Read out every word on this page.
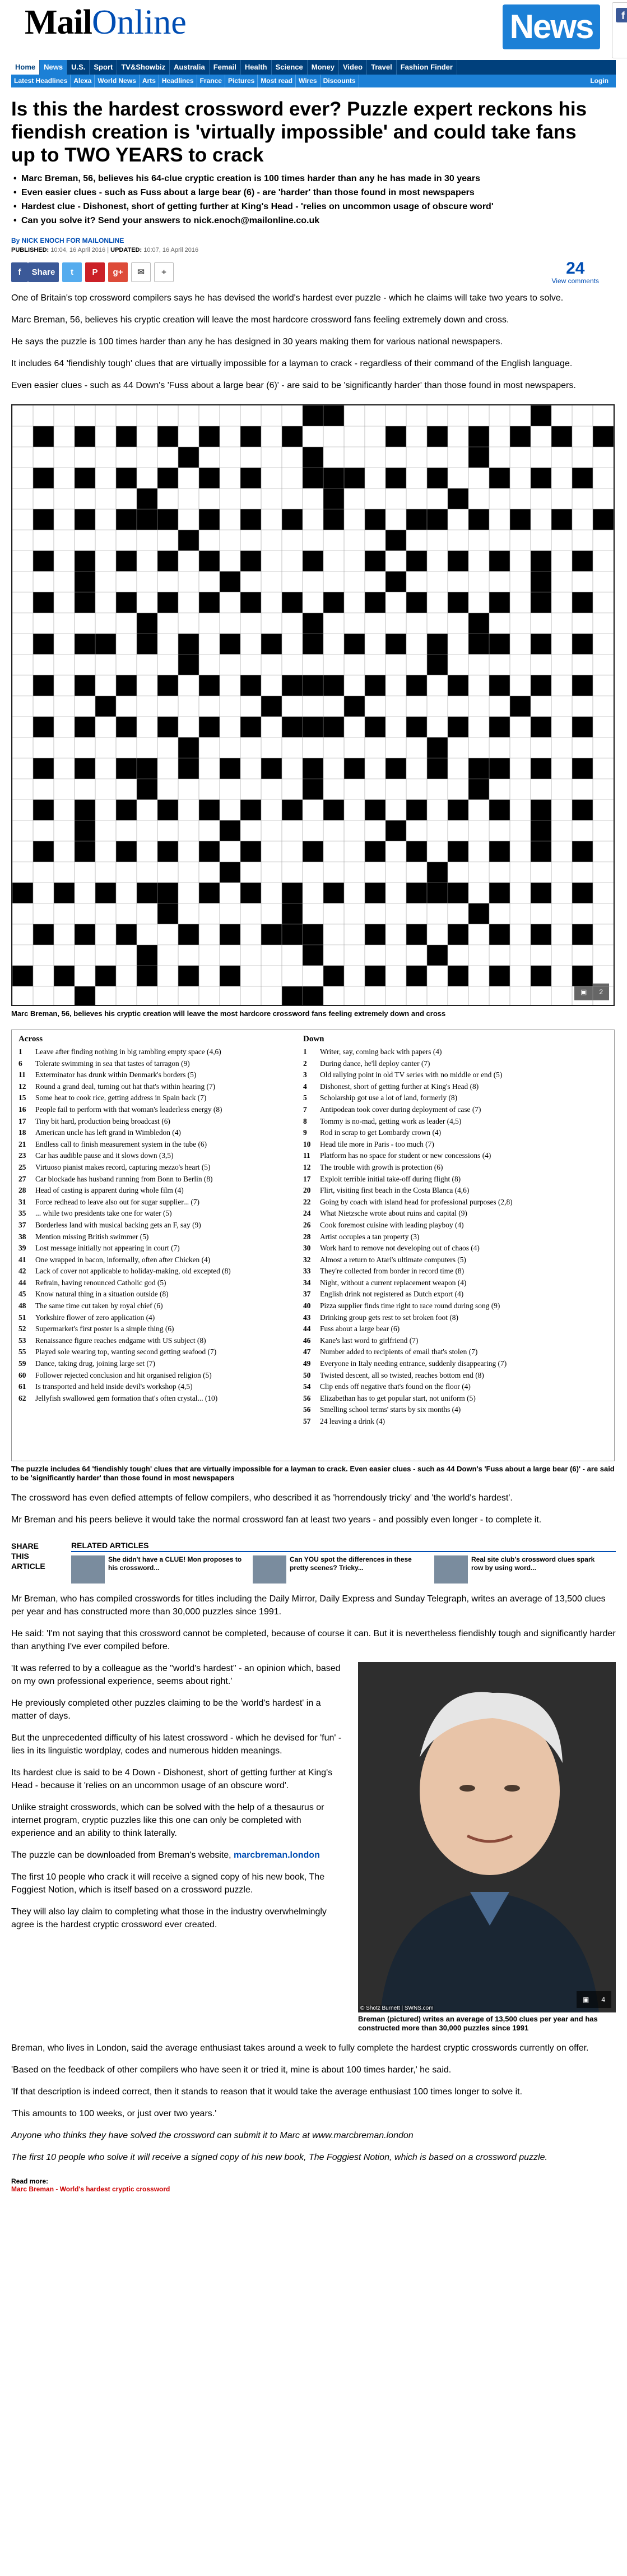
MailOnline	News	f
Home	News	U.S.	Sport	TV&Showbiz	Australia	Femail	Health	Science	Money	Video	Travel	Fashion Finder
Latest Headlines Alexa World News Arts Headlines France Pictures Most read Wires Discounts	Login
Is this the hardest crossword ever? Puzzle expert reckons his fiendish creation is 'virtually impossible' and could take fans up to TWO YEARS to crack
• Marc Breman, 56, believes his 64-clue cryptic creation is 100 times harder than any he has made in 30 years
• Even easier clues - such as Fuss about a large bear (6) - are 'harder' than those found in most newspapers
• Hardest clue - Dishonest, short of getting further at King's Head - 'relies on uncommon usage of obscure word'
• Can you solve it? Send your answers to nick.enoch@mailonline.co.uk
By NICK ENOCH FOR MAILONLINE
PUBLISHED: 10:04, 16 April 2016 | UPDATED: 10:07, 16 April 2016
f	Share	t	P	g+	✉	+	24
View comments

One of Britain's top crossword compilers says he has devised the world's hardest ever puzzle - which he claims will take two years to solve.

Marc Breman, 56, believes his cryptic creation will leave the most hardcore crossword fans feeling extremely down and cross.

He says the puzzle is 100 times harder than any he has designed in 30 years making them for various national newspapers.

It includes 64 'fiendishly tough' clues that are virtually impossible for a layman to crack - regardless of their command of the English language.

Even easier clues - such as 44 Down's 'Fuss about a large bear (6)' - are said to be 'significantly harder' than those found in most newspapers.

▣ 2
Marc Breman, 56, believes his cryptic creation will leave the most hardcore crossword fans feeling extremely down and cross
Across
1	Leave after finding nothing in big rambling empty space (4,6)
6	Tolerate swimming in sea that tastes of tarragon (9)
11	Exterminator has drunk within Denmark's borders (5)
12	Round a grand deal, turning out hat that's within hearing (7)
15	Some heat to cook rice, getting address in Spain back (7)
16	People fail to perform with that woman's leaderless energy (8)
17	Tiny bit hard, production being broadcast (6)
18	American uncle has left grand in Wimbledon (4)
21	Endless call to finish measurement system in the tube (6)
23	Car has audible pause and it slows down (3,5)
25	Virtuoso pianist makes record, capturing mezzo's heart (5)
27	Car blockade has husband running from Bonn to Berlin (8)
28	Head of casting is apparent during whole film (4)
31	Force redhead to leave also out for sugar supplier... (7)
35	... while two presidents take one for water (5)
37	Borderless land with musical backing gets an F, say (9)
38	Mention missing British swimmer (5)
39	Lost message initially not appearing in court (7)
41	One wrapped in bacon, informally, often after Chicken (4)
42	Lack of cover not applicable to holiday-making, old excepted (8)
44	Refrain, having renounced Catholic god (5)
45	Know natural thing in a situation outside (8)
48	The same time cut taken by royal chief (6)
51	Yorkshire flower of zero application (4)
52	Supermarket's first poster is a simple thing (6)
53	Renaissance figure reaches endgame with US subject (8)
55	Played sole wearing top, wanting second getting seafood (7)
59	Dance, taking drug, joining large set (7)
60	Follower rejected conclusion and hit organised religion (5)
61	Is transported and held inside devil's workshop (4,5)
62	Jellyfish swallowed gem formation that's often crystal... (10)
Down
1	Writer, say, coming back with papers (4)
2	During dance, he'll deploy canter (7)
3	Old rallying point in old TV series with no middle or end (5)
4	Dishonest, short of getting further at King's Head (8)
5	Scholarship got use a lot of land, formerly (8)
7	Antipodean took cover during deployment of case (7)
8	Tommy is no-mad, getting work as leader (4,5)
9	Rod in scrap to get Lombardy crown (4)
10	Head tile more in Paris - too much (7)
11	Platform has no space for student or new concessions (4)
12	The trouble with growth is protection (6)
17	Exploit terrible initial take-off during flight (8)
20	Flirt, visiting first beach in the Costa Blanca (4,6)
22	Going by coach with island head for professional purposes (2,8)
24	What Nietzsche wrote about ruins and capital (9)
26	Cook foremost cuisine with leading playboy (4)
28	Artist occupies a tan property (3)
30	Work hard to remove not developing out of chaos (4)
32	Almost a return to Atari's ultimate computers (5)
33	They're collected from border in record time (8)
34	Night, without a current replacement weapon (4)
37	English drink not registered as Dutch export (4)
40	Pizza supplier finds time right to race round during song (9)
43	Drinking group gets rest to set broken foot (8)
44	Fuss about a large bear (6)
46	Kane's last word to girlfriend (7)
47	Number added to recipients of email that's stolen (7)
49	Everyone in Italy needing entrance, suddenly disappearing (7)
50	Twisted descent, all so twisted, reaches bottom end (8)
54	Clip ends off negative that's found on the floor (4)
56	Elizabethan has to get popular start, not uniform (5)
56	Smelling school terms' starts by six months (4)
57	24 leaving a drink (4)
The puzzle includes 64 'fiendishly tough' clues that are virtually impossible for a layman to crack. Even easier clues - such as 44 Down's 'Fuss about a large bear (6)' - are said to be 'significantly harder' than those found in most newspapers

The crossword has even defied attempts of fellow compilers, who described it as 'horrendously tricky' and 'the world's hardest'.

Mr Breman and his peers believe it would take the normal crossword fan at least two years - and possibly even longer - to complete it.

SHARE THIS ARTICLE
RELATED ARTICLES
She didn't have a CLUE! Mon proposes to his crossword...
Can YOU spot the differences in these pretty scenes? Tricky...
Real site club's crossword clues spark row by using word...

Mr Breman, who has compiled crosswords for titles including the Daily Mirror, Daily Express and Sunday Telegraph, writes an average of 13,500 clues per year and has constructed more than 30,000 puzzles since 1991.

He said: 'I'm not saying that this crossword cannot be completed, because of course it can. But it is nevertheless fiendishly tough and significantly harder than anything I've ever compiled before.

'It was referred to by a colleague as the "world's hardest" - an opinion which, based on my own professional experience, seems about right.'

He previously completed other puzzles claiming to be the 'world's hardest' in a matter of days.

But the unprecedented difficulty of his latest crossword - which he devised for 'fun' - lies in its linguistic wordplay, codes and numerous hidden meanings.

Its hardest clue is said to be 4 Down - Dishonest, short of getting further at King's Head - because it 'relies on an uncommon usage of an obscure word'.

Unlike straight crosswords, which can be solved with the help of a thesaurus or internet program, cryptic puzzles like this one can only be completed with experience and an ability to think laterally.

The puzzle can be downloaded from Breman's website, marcbreman.london

The first 10 people who crack it will receive a signed copy of his new book, The Foggiest Notion, which is itself based on a crossword puzzle.

They will also lay claim to completing what those in the industry overwhelmingly agree is the hardest cryptic crossword ever created.

© Shotz Burnett | SWNS.com
▣ 4
Breman (pictured) writes an average of 13,500 clues per year and has constructed more than 30,000 puzzles since 1991

Breman, who lives in London, said the average enthusiast takes around a week to fully complete the hardest cryptic crosswords currently on offer.

'Based on the feedback of other compilers who have seen it or tried it, mine is about 100 times harder,' he said.

'If that description is indeed correct, then it stands to reason that it would take the average enthusiast 100 times longer to solve it.

'This amounts to 100 weeks, or just over two years.'

Anyone who thinks they have solved the crossword can submit it to Marc at www.marcbreman.london

The first 10 people who solve it will receive a signed copy of his new book, The Foggiest Notion, which is based on a crossword puzzle.

Read more:
Marc Breman - World's hardest cryptic crossword
